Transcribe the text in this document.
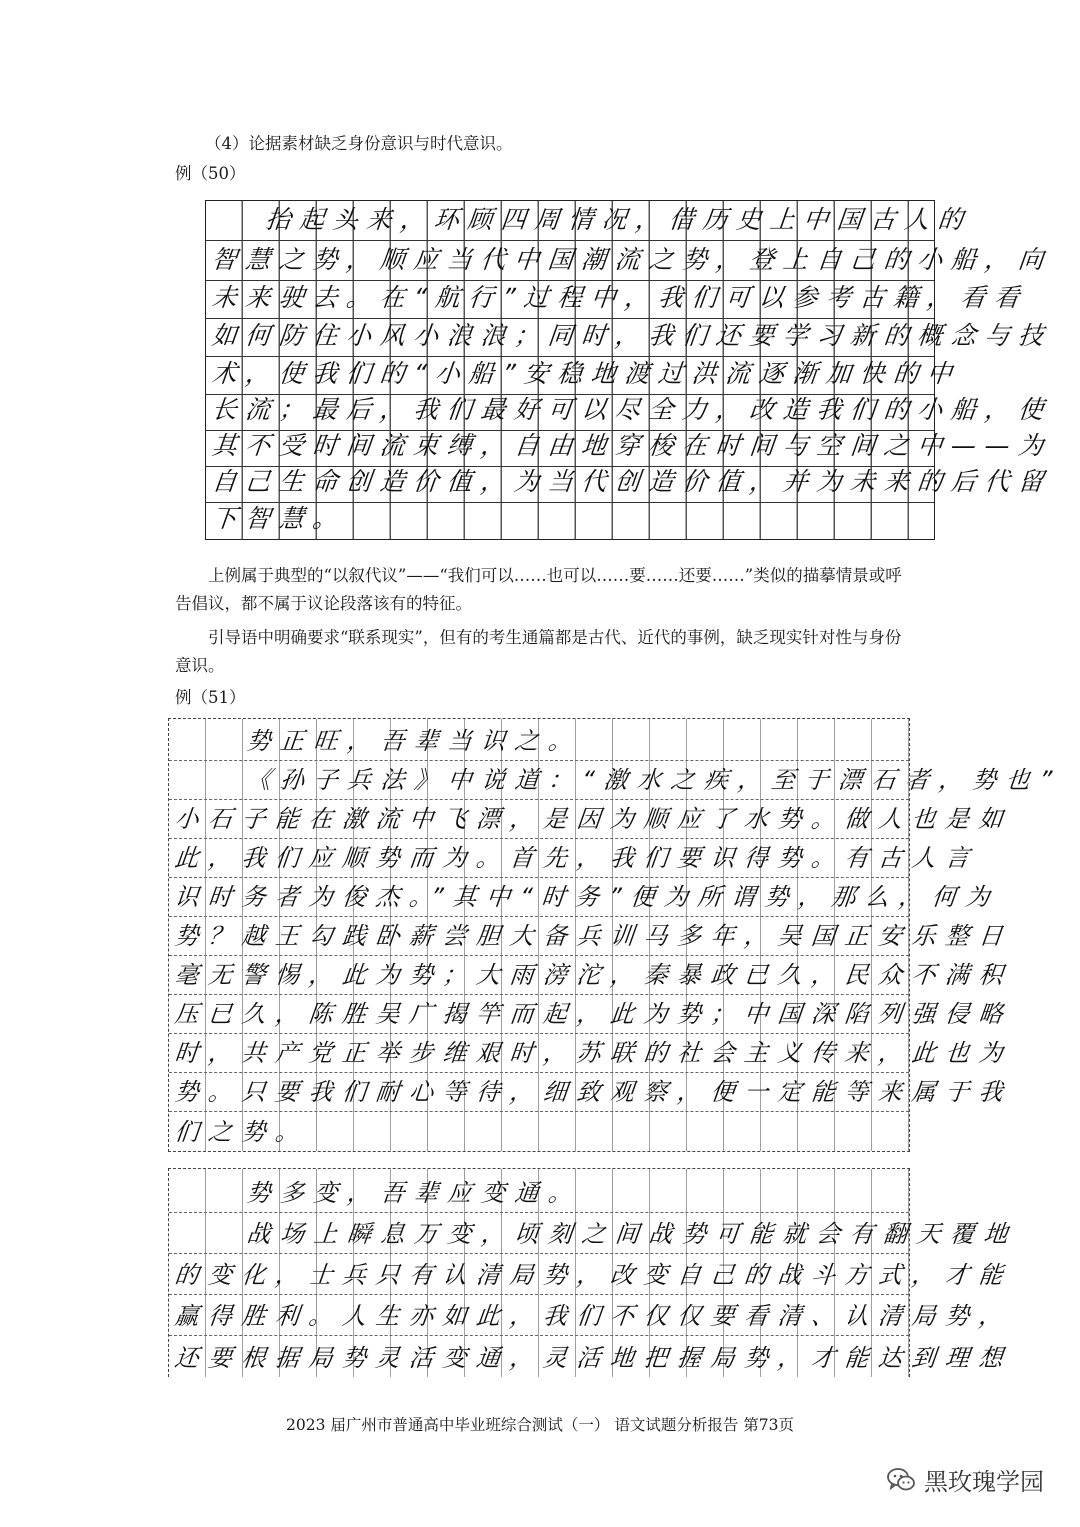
（4）论据素材缺乏身份意识与时代意识。
例（50）
抬起头来，环顾四周情况，借历史上中国古人的
智慧之势，顺应当代中国潮流之势，登上自己的小船，向
未来驶去。在“航行”过程中，我们可以参考古籍，看看
如何防住小风小浪浪；同时，我们还要学习新的概念与技
术，使我们的“小船”安稳地渡过洪流逐渐加快的中
长流；最后，我们最好可以尽全力，改造我们的小船，使
其不受时间流束缚，自由地穿梭在时间与空间之中——为
自己生命创造价值，为当代创造价值，并为未来的后代留
下智慧。
上例属于典型的“以叙代议”——“我们可以……也可以……要……还要……”类似的描摹情景或呼告倡议，都不属于议论段落该有的特征。
引导语中明确要求“联系现实”，但有的考生通篇都是古代、近代的事例，缺乏现实针对性与身份意识。
例（51）
势正旺，吾辈当识之。
《孙子兵法》中说道：“激水之疾，至于漂石者，势也”
小石子能在激流中飞漂，是因为顺应了水势。做人也是如
此，我们应顺势而为。首先，我们要识得势。有古人言
识时务者为俊杰。”其中“时务”便为所谓势，那么，何为
势？越王勾践卧薪尝胆大备兵训马多年，吴国正安乐整日
毫无警惕，此为势；大雨滂沱，秦暴政已久，民众不满积
压已久，陈胜吴广揭竿而起，此为势；中国深陷列强侵略
时，共产党正举步维艰时，苏联的社会主义传来，此也为
势。只要我们耐心等待，细致观察，便一定能等来属于我
们之势。
势多变，吾辈应变通。
战场上瞬息万变，顷刻之间战势可能就会有翻天覆地
的变化，士兵只有认清局势，改变自己的战斗方式，才能
赢得胜利。人生亦如此，我们不仅仅要看清、认清局势，
还要根据局势灵活变通，灵活地把握局势，才能达到理想
2023 届广州市普通高中毕业班综合测试（一） 语文试题分析报告 第73页
黑玫瑰学园
